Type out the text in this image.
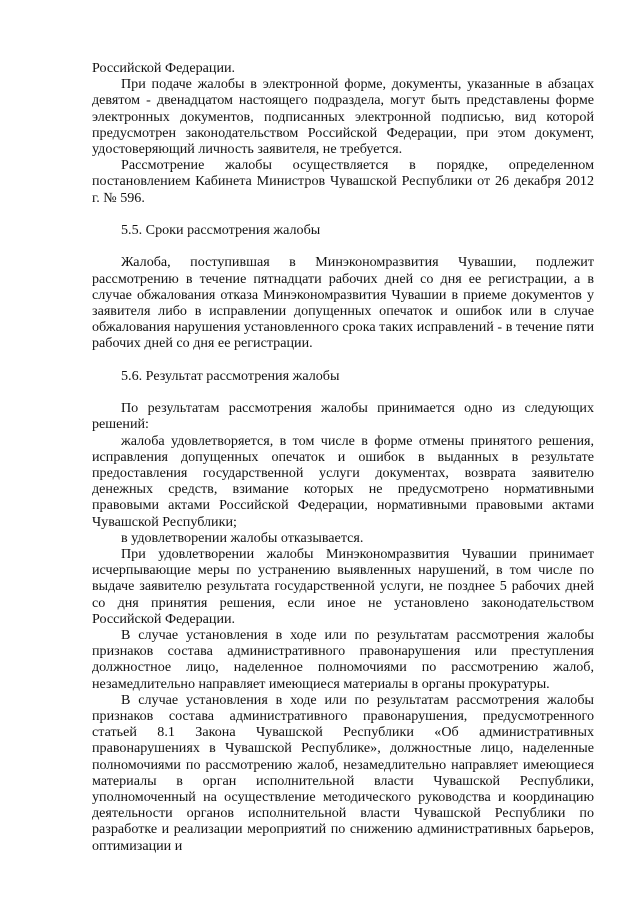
Российской Федерации.

При подаче жалобы в электронной форме, документы, указанные в абзацах девятом - двенадцатом настоящего подраздела, могут быть представлены форме электронных документов, подписанных электронной подписью, вид которой предусмотрен законодательством Российской Федерации, при этом документ, удостоверяющий личность заявителя, не требуется.

Рассмотрение жалобы осуществляется в порядке, определенном постановлением Кабинета Министров Чувашской Республики от 26 декабря 2012 г. № 596.

5.5. Сроки рассмотрения жалобы

Жалоба, поступившая в Минэкономразвития Чувашии, подлежит рассмотрению в течение пятнадцати рабочих дней со дня ее регистрации, а в случае обжалования отказа Минэкономразвития Чувашии в приеме документов у заявителя либо в исправлении допущенных опечаток и ошибок или в случае обжалования нарушения установленного срока таких исправлений - в течение пяти рабочих дней со дня ее регистрации.

5.6. Результат рассмотрения жалобы

По результатам рассмотрения жалобы принимается одно из следующих решений:

жалоба удовлетворяется, в том числе в форме отмены принятого решения, исправления допущенных опечаток и ошибок в выданных в результате предоставления государственной услуги документах, возврата заявителю денежных средств, взимание которых не предусмотрено нормативными правовыми актами Российской Федерации, нормативными правовыми актами Чувашской Республики;

в удовлетворении жалобы отказывается.

При удовлетворении жалобы Минэкономразвития Чувашии принимает исчерпывающие меры по устранению выявленных нарушений, в том числе по выдаче заявителю результата государственной услуги, не позднее 5 рабочих дней со дня принятия решения, если иное не установлено законодательством Российской Федерации.

В случае установления в ходе или по результатам рассмотрения жалобы признаков состава административного правонарушения или преступления должностное лицо, наделенное полномочиями по рассмотрению жалоб, незамедлительно направляет имеющиеся материалы в органы прокуратуры.

В случае установления в ходе или по результатам рассмотрения жалобы признаков состава административного правонарушения, предусмотренного статьей 8.1 Закона Чувашской Республики «Об административных правонарушениях в Чувашской Республике», должностные лицо, наделенные полномочиями по рассмотрению жалоб, незамедлительно направляет имеющиеся материалы в орган исполнительной власти Чувашской Республики, уполномоченный на осуществление методического руководства и координацию деятельности органов исполнительной власти Чувашской Республики по разработке и реализации мероприятий по снижению административных барьеров, оптимизации и
